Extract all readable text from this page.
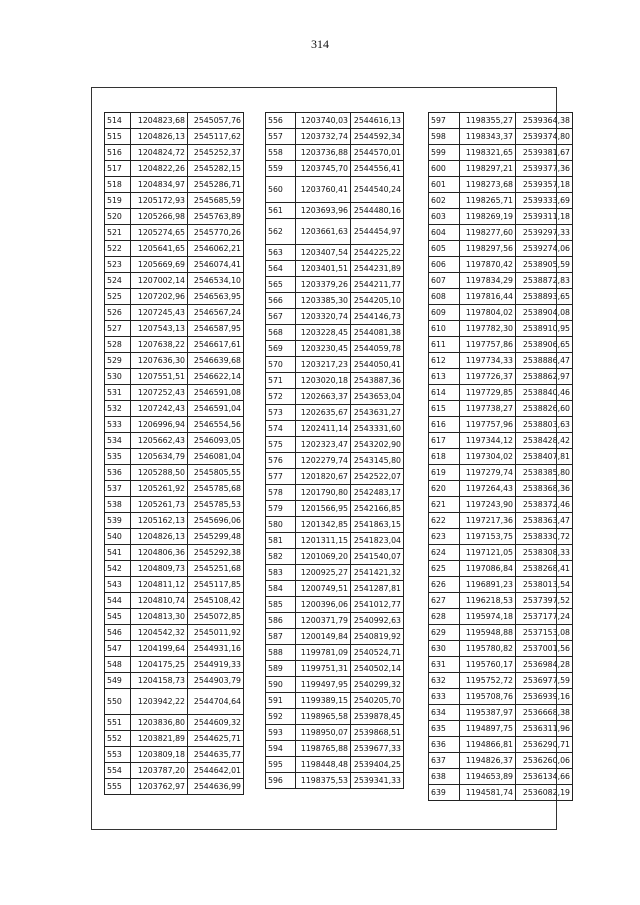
314
514	1204823,68	2545057,76
515	1204826,13	2545117,62
516	1204824,72	2545252,37
517	1204822,26	2545282,15
518	1204834,97	2545286,71
519	1205172,93	2545685,59
520	1205266,98	2545763,89
521	1205274,65	2545770,26
522	1205641,65	2546062,21
523	1205669,69	2546074,41
524	1207002,14	2546534,10
525	1207202,96	2546563,95
526	1207245,43	2546567,24
527	1207543,13	2546587,95
528	1207638,22	2546617,61
529	1207636,30	2546639,68
530	1207551,51	2546622,14
531	1207252,43	2546591,08
532	1207242,43	2546591,04
533	1206996,94	2546554,56
534	1205662,43	2546093,05
535	1205634,79	2546081,04
536	1205288,50	2545805,55
537	1205261,92	2545785,68
538	1205261,73	2545785,53
539	1205162,13	2545696,06
540	1204826,13	2545299,48
541	1204806,36	2545292,38
542	1204809,73	2545251,68
543	1204811,12	2545117,85
544	1204810,74	2545108,42
545	1204813,30	2545072,85
546	1204542,32	2545011,92
547	1204199,64	2544931,16
548	1204175,25	2544919,33
549	1204158,73	2544903,79
550	1203942,22	2544704,64
551	1203836,80	2544609,32
552	1203821,89	2544625,71
553	1203809,18	2544635,77
554	1203787,20	2544642,01
555	1203762,97	2544636,99
556	1203740,03	2544616,13
557	1203732,74	2544592,34
558	1203736,88	2544570,01
559	1203745,70	2544556,41
560	1203760,41	2544540,24
561	1203693,96	2544480,16
562	1203661,63	2544454,97
563	1203407,54	2544225,22
564	1203401,51	2544231,89
565	1203379,26	2544211,77
566	1203385,30	2544205,10
567	1203320,74	2544146,73
568	1203228,45	2544081,38
569	1203230,45	2544059,78
570	1203217,23	2544050,41
571	1203020,18	2543887,36
572	1202663,37	2543653,04
573	1202635,67	2543631,27
574	1202411,14	2543331,60
575	1202323,47	2543202,90
576	1202279,74	2543145,80
577	1201820,67	2542522,07
578	1201790,80	2542483,17
579	1201566,95	2542166,85
580	1201342,85	2541863,15
581	1201311,15	2541823,04
582	1201069,20	2541540,07
583	1200925,27	2541421,32
584	1200749,51	2541287,81
585	1200396,06	2541012,77
586	1200371,79	2540992,63
587	1200149,84	2540819,92
588	1199781,09	2540524,71
589	1199751,31	2540502,14
590	1199497,95	2540299,32
591	1199389,15	2540205,70
592	1198965,58	2539878,45
593	1198950,07	2539868,51
594	1198765,88	2539677,33
595	1198448,48	2539404,25
596	1198375,53	2539341,33
597	1198355,27	2539364,38
598	1198343,37	2539374,80
599	1198321,65	2539381,67
600	1198297,21	2539377,36
601	1198273,68	2539357,18
602	1198265,71	2539333,69
603	1198269,19	2539311,18
604	1198277,60	2539297,33
605	1198297,56	2539274,06
606	1197870,42	2538905,59
607	1197834,29	2538872,83
608	1197816,44	2538893,65
609	1197804,02	2538904,08
610	1197782,30	2538910,95
611	1197757,86	2538906,65
612	1197734,33	2538886,47
613	1197726,37	2538862,97
614	1197729,85	2538840,46
615	1197738,27	2538826,60
616	1197757,96	2538803,63
617	1197344,12	2538428,42
618	1197304,02	2538407,81
619	1197279,74	2538385,80
620	1197264,43	2538368,36
621	1197243,90	2538372,46
622	1197217,36	2538363,47
623	1197153,75	2538330,72
624	1197121,05	2538308,33
625	1197086,84	2538268,41
626	1196891,23	2538013,54
627	1196218,53	2537397,52
628	1195974,18	2537177,24
629	1195948,88	2537153,08
630	1195780,82	2537001,56
631	1195760,17	2536984,28
632	1195752,72	2536977,59
633	1195708,76	2536939,16
634	1195387,97	2536668,38
635	1194897,75	2536311,96
636	1194866,81	2536290,71
637	1194826,37	2536260,06
638	1194653,89	2536134,66
639	1194581,74	2536082,19
